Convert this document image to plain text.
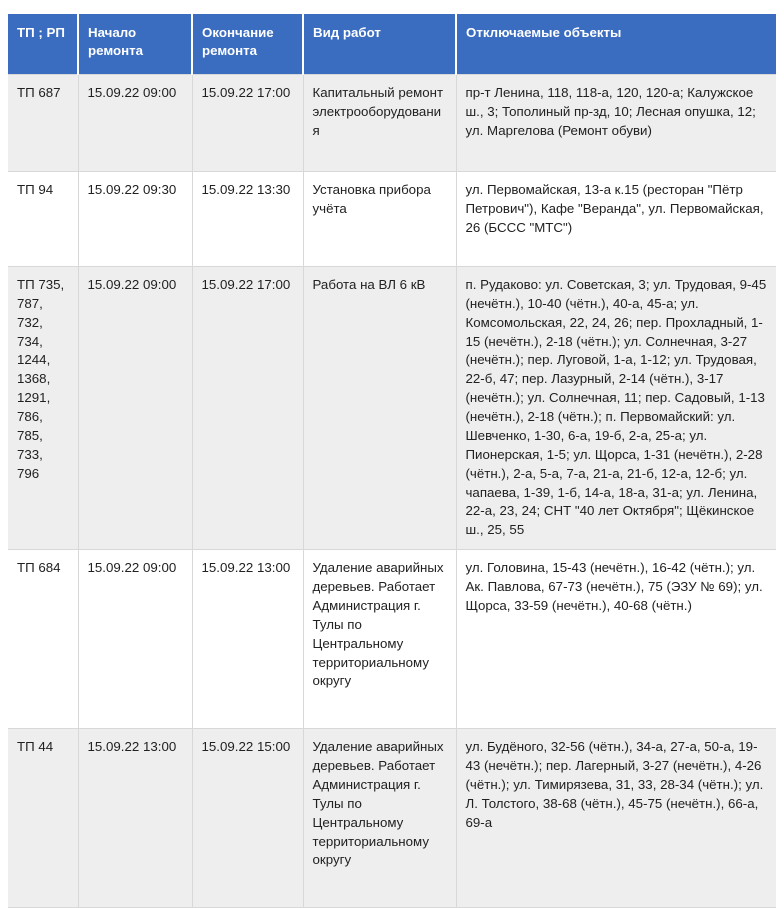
ТП ; РП	Начало ремонта	Окончание ремонта	Вид работ	Отключаемые объекты
ТП 687	15.09.22 09:00	15.09.22 17:00	Капитальный ремонт электрооборудования	пр-т Ленина, 118, 118-а, 120, 120-а; Калужское ш., 3; Тополиный пр-зд, 10; Лесная опушка, 12; ул. Маргелова (Ремонт обуви)
ТП 94	15.09.22 09:30	15.09.22 13:30	Установка прибора учёта	ул. Первомайская, 13-а к.15 (ресторан "Пётр Петрович"), Кафе "Веранда", ул. Первомайская, 26 (БССС "МТС")
ТП 735, 787, 732, 734, 1244, 1368, 1291, 786, 785, 733, 796	15.09.22 09:00	15.09.22 17:00	Работа на ВЛ 6 кВ	п. Рудаково: ул. Советская, 3; ул. Трудовая, 9-45 (нечётн.), 10-40 (чётн.), 40-а, 45-а; ул. Комсомольская, 22, 24, 26; пер. Прохладный, 1-15 (нечётн.), 2-18 (чётн.); ул. Солнечная, 3-27 (нечётн.); пер. Луговой, 1-а, 1-12; ул. Трудовая, 22-б, 47; пер. Лазурный, 2-14 (чётн.), 3-17 (нечётн.); ул. Солнечная, 11; пер. Садовый, 1-13 (нечётн.), 2-18 (чётн.); п. Первомайский: ул. Шевченко, 1-30, 6-а, 19-б, 2-а, 25-а; ул. Пионерская, 1-5; ул. Щорса, 1-31 (нечётн.), 2-28 (чётн.), 2-а, 5-а, 7-а, 21-а, 21-б, 12-а, 12-б; ул. чапаева, 1-39, 1-б, 14-а, 18-а, 31-а; ул. Ленина, 22-а, 23, 24; СНТ "40 лет Октября"; Щёкинское ш., 25, 55
ТП 684	15.09.22 09:00	15.09.22 13:00	Удаление аварийных деревьев. Работает Администрация г. Тулы по Центральному территориальному округу	ул. Головина, 15-43 (нечётн.), 16-42 (чётн.); ул. Ак. Павлова, 67-73 (нечётн.), 75 (ЭЗУ № 69); ул. Щорса, 33-59 (нечётн.), 40-68 (чётн.)
ТП 44	15.09.22 13:00	15.09.22 15:00	Удаление аварийных деревьев. Работает Администрация г. Тулы по Центральному территориальному округу	ул. Будёного, 32-56 (чётн.), 34-а, 27-а, 50-а, 19-43 (нечётн.); пер. Лагерный, 3-27 (нечётн.), 4-26 (чётн.); ул. Тимирязева, 31, 33, 28-34 (чётн.); ул. Л. Толстого, 38-68 (чётн.), 45-75 (нечётн.), 66-а, 69-а
